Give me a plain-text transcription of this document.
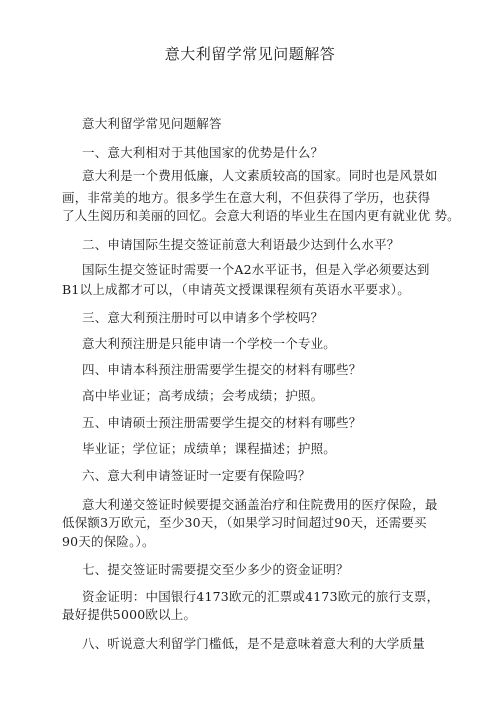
意大利留学常见问题解答
意大利留学常见问题解答
一、意大利相对于其他国家的优势是什么？
意大利是一个费用低廉，人文素质较高的国家。同时也是风景如
画，非常美的地方。很多学生在意大利，不但获得了学历，也获得
了人生阅历和美丽的回忆。会意大利语的毕业生在国内更有就业优 势。
二、申请国际生提交签证前意大利语最少达到什么水平？
国际生提交签证时需要一个A2水平证书，但是入学必须要达到
B1以上成都才可以，（申请英文授课课程须有英语水平要求）。
三、意大利预注册时可以申请多个学校吗？
意大利预注册是只能申请一个学校一个专业。
四、申请本科预注册需要学生提交的材料有哪些？
高中毕业证；高考成绩；会考成绩；护照。
五、申请硕士预注册需要学生提交的材料有哪些？
毕业证；学位证；成绩单；课程描述；护照。
六、意大利申请签证时一定要有保险吗？
意大利递交签证时候要提交涵盖治疗和住院费用的医疗保险，最
低保额3万欧元，至少30天，（如果学习时间超过90天，还需要买
90天的保险。）。
七、提交签证时需要提交至少多少的资金证明？
资金证明：中国银行4173欧元的汇票或4173欧元的旅行支票，
最好提供5000欧以上。
八、听说意大利留学门槛低，是不是意味着意大利的大学质量
